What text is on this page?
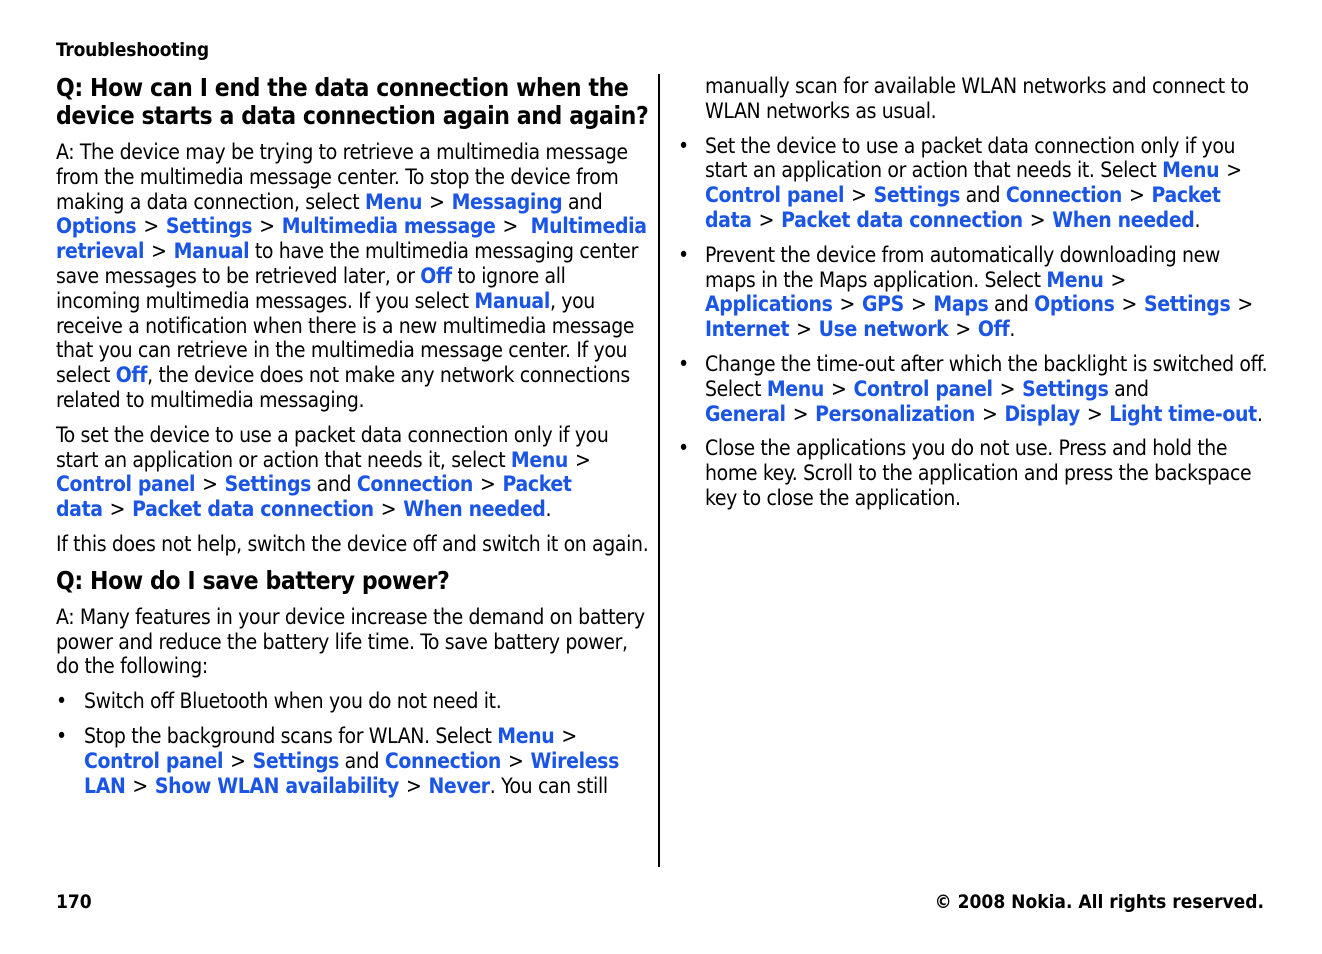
Troubleshooting
Q: How can I end the data connection when the device starts a data connection again and again?

A: The device may be trying to retrieve a multimedia message from the multimedia message center. To stop the device from making a data connection, select Menu > Messaging and Options > Settings > Multimedia message > Multimedia retrieval > Manual to have the multimedia messaging center save messages to be retrieved later, or Off to ignore all incoming multimedia messages. If you select Manual, you receive a notification when there is a new multimedia message that you can retrieve in the multimedia message center. If you select Off, the device does not make any network connections related to multimedia messaging.

To set the device to use a packet data connection only if you start an application or action that needs it, select Menu > Control panel > Settings and Connection > Packet data > Packet data connection > When needed.

If this does not help, switch the device off and switch it on again.

Q: How do I save battery power?

A: Many features in your device increase the demand on battery power and reduce the battery life time. To save battery power, do the following:

• Switch off Bluetooth when you do not need it.
• Stop the background scans for WLAN. Select Menu > Control panel > Settings and Connection > Wireless LAN > Show WLAN availability > Never. You can still

manually scan for available WLAN networks and connect to WLAN networks as usual.

• Set the device to use a packet data connection only if you start an application or action that needs it. Select Menu > Control panel > Settings and Connection > Packet data > Packet data connection > When needed.
• Prevent the device from automatically downloading new maps in the Maps application. Select Menu > Applications > GPS > Maps and Options > Settings > Internet > Use network > Off.
• Change the time-out after which the backlight is switched off. Select Menu > Control panel > Settings and General > Personalization > Display > Light time-out.
• Close the applications you do not use. Press and hold the home key. Scroll to the application and press the backspace key to close the application.
170	© 2008 Nokia. All rights reserved.
